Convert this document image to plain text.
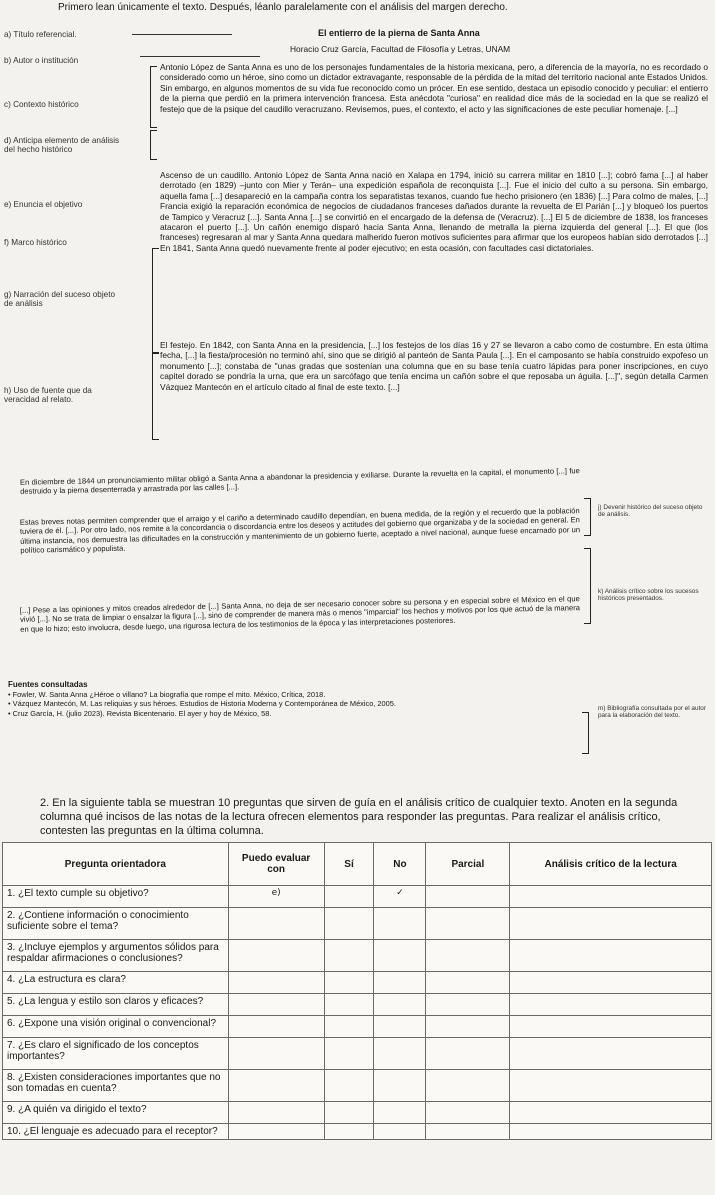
Primero lean únicamente el texto. Después, léanlo paralelamente con el análisis del margen derecho.
a) Título referencial.
b) Autor o institución
c) Contexto histórico
d) Anticipa elemento de análisis del hecho histórico
e) Enuncia el objetivo
f) Marco histórico
g) Narración del suceso objeto de análisis
h) Uso de fuente que da veracidad al relato.
El entierro de la pierna de Santa Anna
Horacio Cruz García, Facultad de Filosofía y Letras, UNAM

Antonio López de Santa Anna es uno de los personajes fundamentales de la historia mexicana, pero, a diferencia de la mayoría, no es recordado o considerado como un héroe, sino como un dictador extravagante, responsable de la pérdida de la mitad del territorio nacional ante Estados Unidos. Sin embargo, en algunos momentos de su vida fue reconocido como un prócer. En ese sentido, destaca un episodio conocido y peculiar: el entierro de la pierna que perdió en la primera intervención francesa. Esta anécdota "curiosa" en realidad dice más de la sociedad en la que se realizó el festejo que de la psique del caudillo veracruzano. Revisemos, pues, el contexto, el acto y las significaciones de este peculiar homenaje. [...]

Ascenso de un caudillo. Antonio López de Santa Anna nació en Xalapa en 1794, inició su carrera militar en 1810 [...]; cobró fama [...] al haber derrotado (en 1829) –junto con Mier y Terán– una expedición española de reconquista [...]. Fue el inicio del culto a su persona. Sin embargo, aquella fama [...] desapareció en la campaña contra los separatistas texanos, cuando fue hecho prisionero (en 1836) [...] Para colmo de males, [...] Francia exigió la reparación económica de negocios de ciudadanos franceses dañados durante la revuelta de El Parián [...] y bloqueó los puertos de Tampico y Veracruz [...]. Santa Anna [...] se convirtió en el encargado de la defensa de (Veracruz). [...] El 5 de diciembre de 1838, los franceses atacaron el puerto [...]. Un cañón enemigo disparó hacia Santa Anna, llenando de metralla la pierna izquierda del general [...]. El que (los franceses) regresaran al mar y Santa Anna quedara malherido fueron motivos suficientes para afirmar que los europeos habían sido derrotados [...] En 1841, Santa Anna quedó nuevamente frente al poder ejecutivo; en esta ocasión, con facultades casi dictatoriales.

El festejo. En 1842, con Santa Anna en la presidencia, [...] los festejos de los días 16 y 27 se llevaron a cabo como de costumbre. En esta última fecha, [...] la fiesta/procesión no terminó ahí, sino que se dirigió al panteón de Santa Paula [...]. En el camposanto se había construido expofeso un monumento [...]; constaba de "unas gradas que sostenían una columna que en su base tenía cuatro lápidas para poner inscripciones, en cuyo capitel dorado se pondría la urna, que era un sarcófago que tenía encima un cañón sobre el que reposaba un águila. [...]", según detalla Carmen Vázquez Mantecón en el artículo citado al final de este texto. [...]

En diciembre de 1844 un pronunciamiento militar obligó a Santa Anna a abandonar la presidencia y exiliarse. Durante la revuelta en la capital, el monumento [...] fue destruido y la pierna desenterrada y arrastrada por las calles [...].

Estas breves notas permiten comprender que el arraigo y el cariño a determinado caudillo dependían, en buena medida, de la región y el recuerdo que la población tuviera de él. [...]. Por otro lado, nos remite a la concordancia o discordancia entre los deseos y actitudes del gobierno que organizaba y de la sociedad en general. En última instancia, nos demuestra las dificultades en la construcción y mantenimiento de un gobierno fuerte, aceptado a nivel nacional, aunque fuese encarnado por un político carismático y populista.

[...] Pese a las opiniones y mitos creados alrededor de [...] Santa Anna, no deja de ser necesario conocer sobre su persona y en especial sobre el México en el que vivió [...]. No se trata de limpiar o ensalzar la figura [...], sino de comprender de manera más o menos "imparcial" los hechos y motivos por los que actuó de la manera en que lo hizo; esto involucra, desde luego, una rigurosa lectura de los testimonios de la época y las interpretaciones posteriores.

j) Devenir histórico del suceso objeto de análisis.
k) Análisis crítico sobre los sucesos históricos presentados.
m) Bibliografía consultada por el autor para la elaboración del texto.
Fuentes consultadas
• Fowler, W. Santa Anna ¿Héroe o villano? La biografía que rompe el mito. México, Crítica, 2018.
• Vázquez Mantecón, M. Las reliquias y sus héroes. Estudios de Historia Moderna y Contemporánea de México, 2005.
• Cruz García, H. (julio 2023). Revista Bicentenario. El ayer y hoy de México, 58.
2. En la siguiente tabla se muestran 10 preguntas que sirven de guía en el análisis crítico de cualquier texto. Anoten en la segunda columna qué incisos de las notas de la lectura ofrecen elementos para responder las preguntas. Para realizar el análisis crítico, contesten las preguntas en la última columna.
Pregunta orientadora	Puedo evaluar con	Sí	No	Parcial	Análisis crítico de la lectura
1. ¿El texto cumple su objetivo?	e)		✓		
2. ¿Contiene información o conocimiento suficiente sobre el tema?					
3. ¿Incluye ejemplos y argumentos sólidos para respaldar afirmaciones o conclusiones?					
4. ¿La estructura es clara?					
5. ¿La lengua y estilo son claros y eficaces?					
6. ¿Expone una visión original o convencional?					
7. ¿Es claro el significado de los conceptos importantes?					
8. ¿Existen consideraciones importantes que no son tomadas en cuenta?					
9. ¿A quién va dirigido el texto?					
10. ¿El lenguaje es adecuado para el receptor?					
